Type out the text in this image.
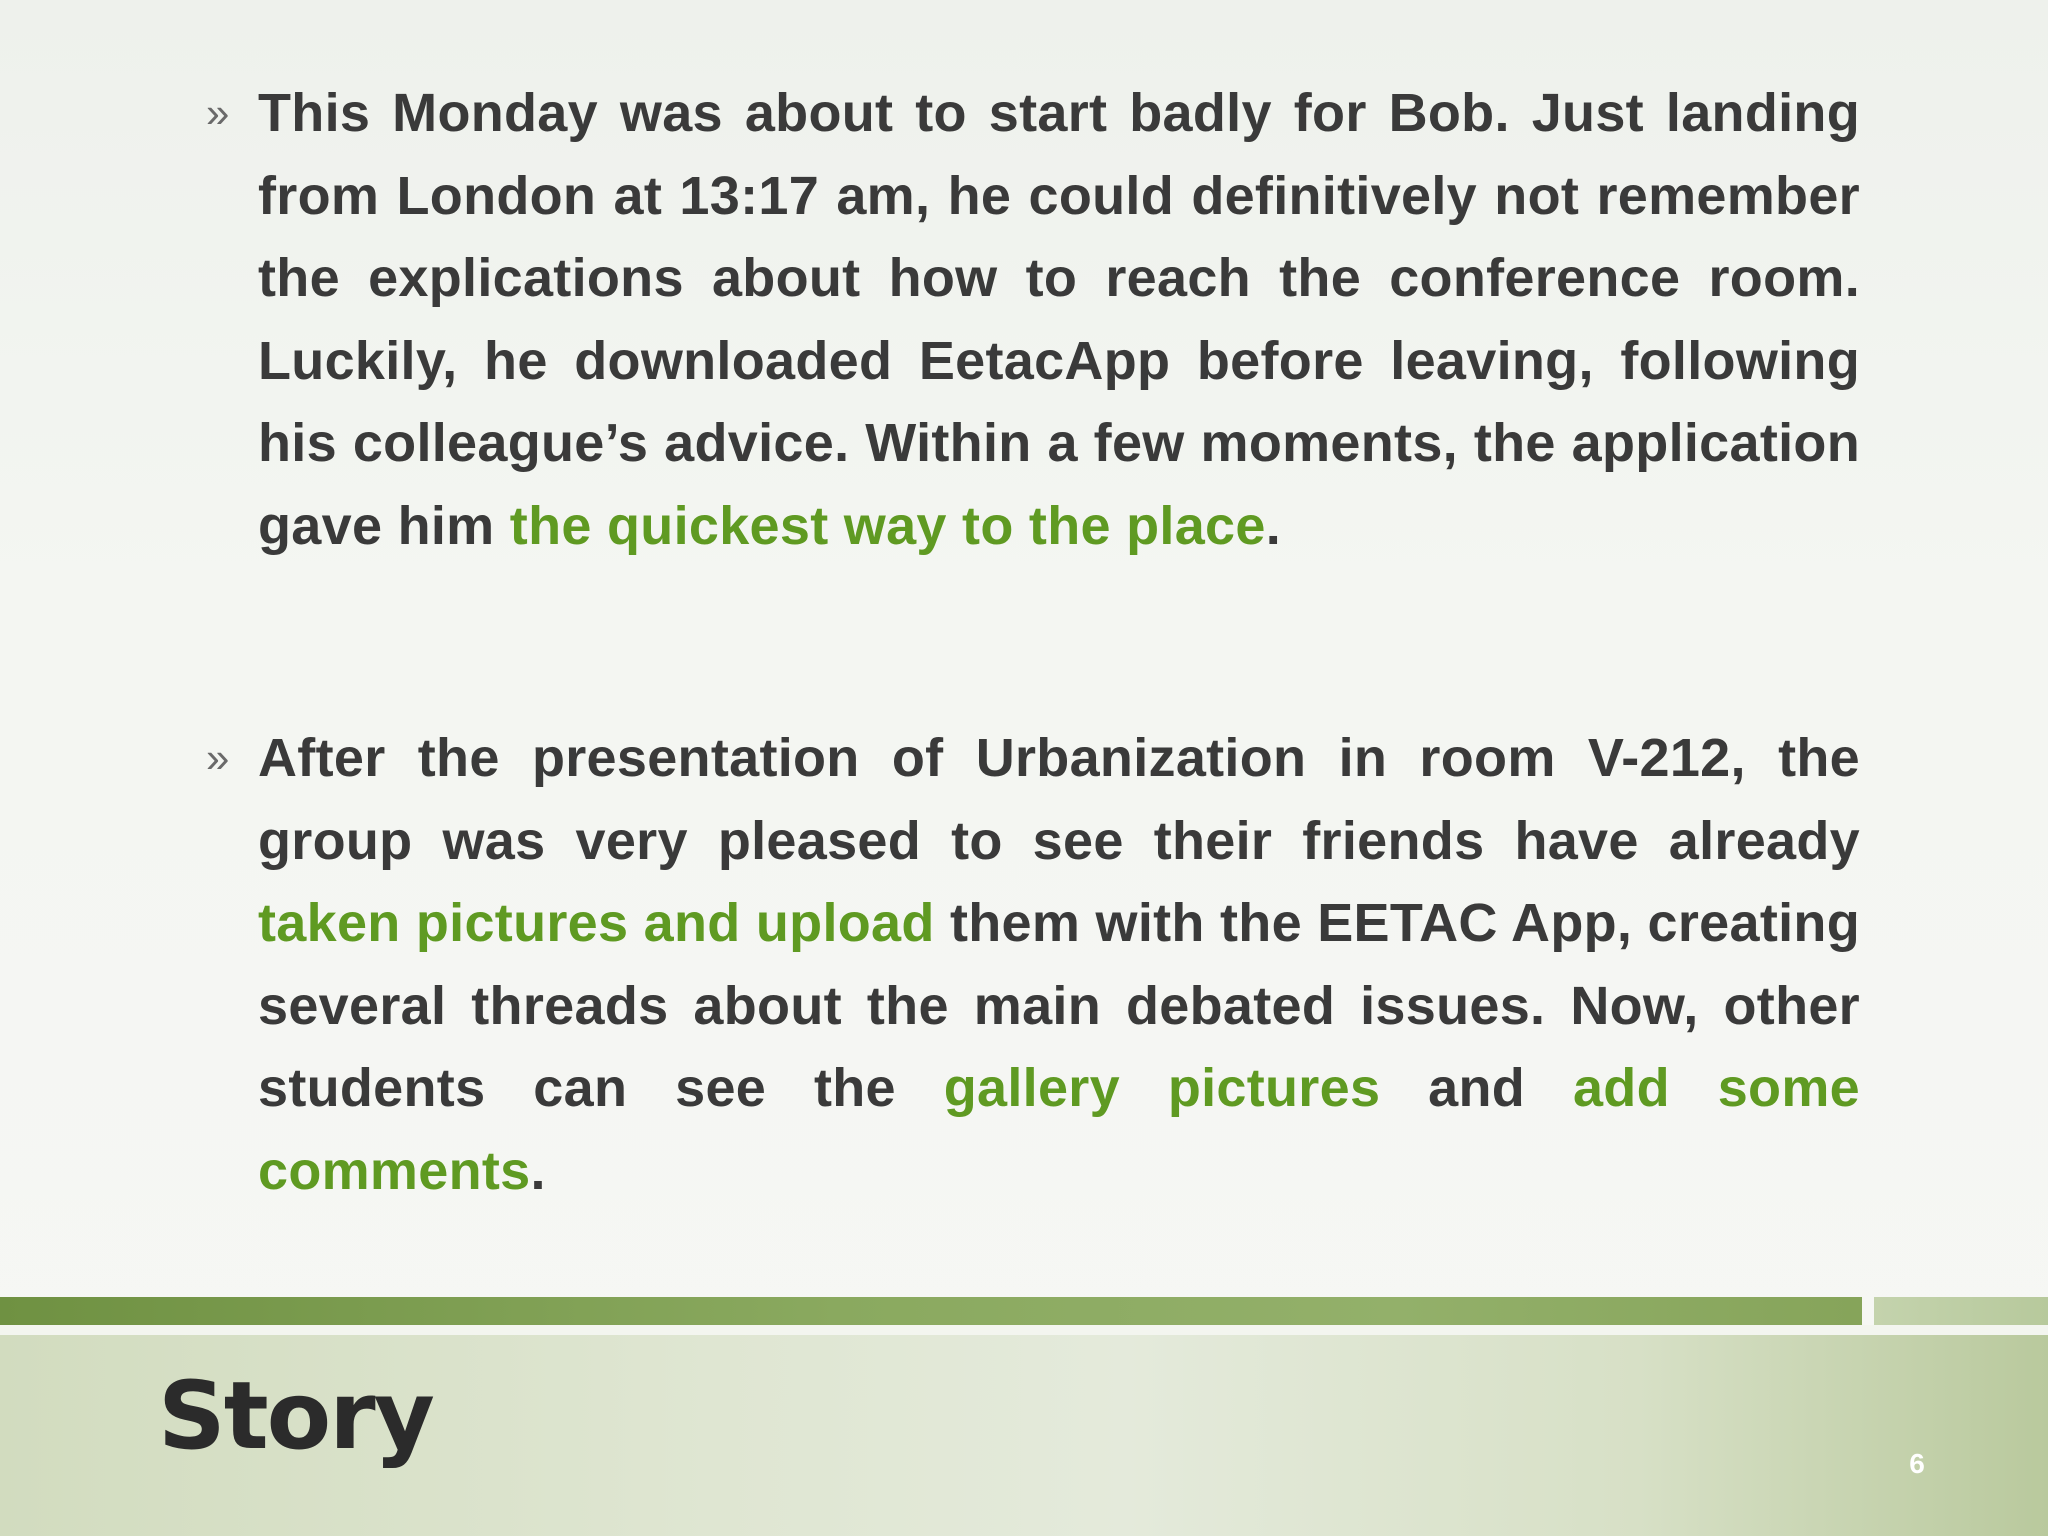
» This Monday was about to start badly for Bob. Just landing from London at 13:17 am, he could definitively not remember the explications about how to reach the conference room. Luckily, he downloaded EetacApp before leaving, following his colleague’s advice. Within a few moments, the application gave him the quickest way to the place.
» After the presentation of Urbanization in room V-212, the group was very pleased to see their friends have already taken pictures and upload them with the EETAC App, creating several threads about the main debated issues. Now, other students can see the gallery pictures and add some comments.
Story	6
